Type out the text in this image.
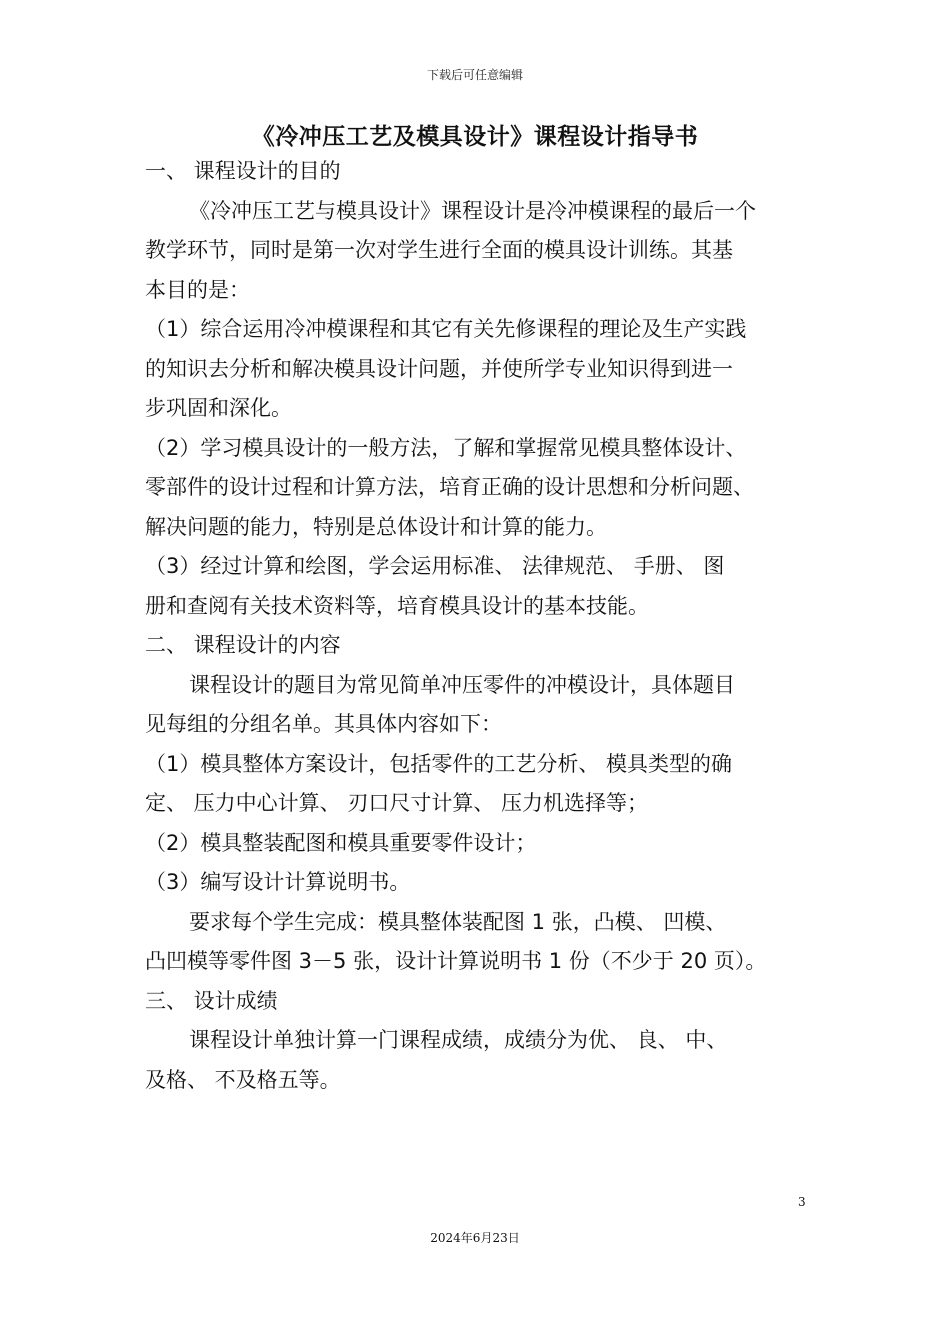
下载后可任意编辑
《冷冲压工艺及模具设计》课程设计指导书
一、 课程设计的目的
《冷冲压工艺与模具设计》课程设计是冷冲模课程的最后一个
教学环节，同时是第一次对学生进行全面的模具设计训练。其基
本目的是：
（1）综合运用冷冲模课程和其它有关先修课程的理论及生产实践
的知识去分析和解决模具设计问题，并使所学专业知识得到进一
步巩固和深化。
（2）学习模具设计的一般方法，了解和掌握常见模具整体设计、
零部件的设计过程和计算方法，培育正确的设计思想和分析问题、
解决问题的能力，特别是总体设计和计算的能力。
（3）经过计算和绘图，学会运用标准、 法律规范、 手册、 图
册和查阅有关技术资料等，培育模具设计的基本技能。
二、 课程设计的内容
课程设计的题目为常见简单冲压零件的冲模设计，具体题目
见每组的分组名单。其具体内容如下：
（1）模具整体方案设计，包括零件的工艺分析、 模具类型的确
定、 压力中心计算、 刃口尺寸计算、 压力机选择等；
（2）模具整装配图和模具重要零件设计；
（3）编写设计计算说明书。
要求每个学生完成：模具整体装配图 1 张，凸模、 凹模、
凸凹模等零件图 3－5 张，设计计算说明书 1 份（不少于 20 页）。
三、 设计成绩
课程设计单独计算一门课程成绩，成绩分为优、 良、 中、
及格、 不及格五等。
3
2024年6月23日
